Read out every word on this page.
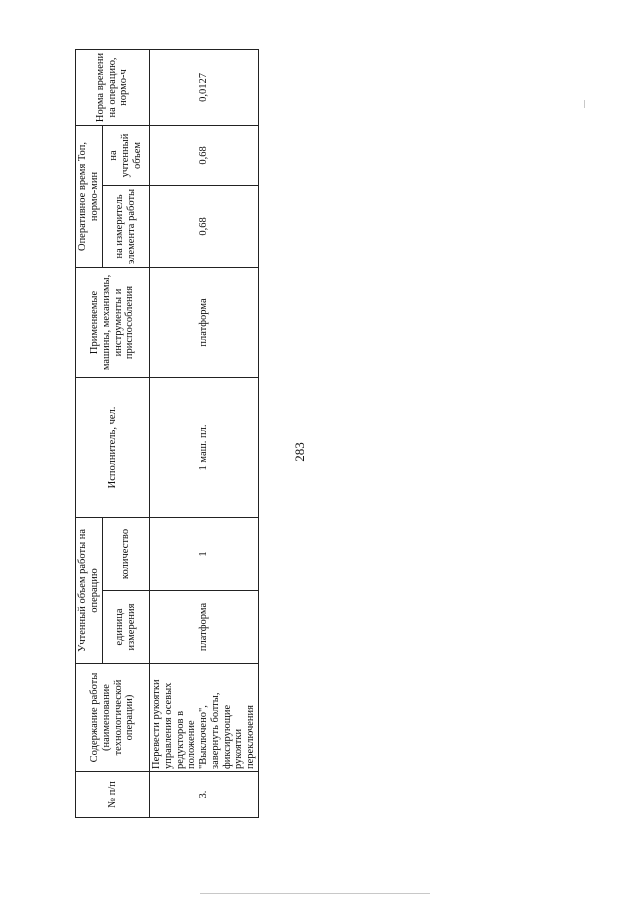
283
№ п/п	Содержание работы (наименование технологической операции)	Учтенный объем работы на операцию		Исполнитель, чел.	Применяемые машины, механизмы, инструменты и приспособления	Оперативное время Топ, нормо-мин		Норма времени на операцию, нормо-ч
		единица измерения	количество			на измеритель элемента работы	на учтенный объем	
3.	Перевести рукоятки управления осевых редукторов в положение "Выключено", завернуть болты, фиксирующие рукоятки переключения	платформа	1	1 маш. пл.	платформа	0,68	0,68	0,0127
